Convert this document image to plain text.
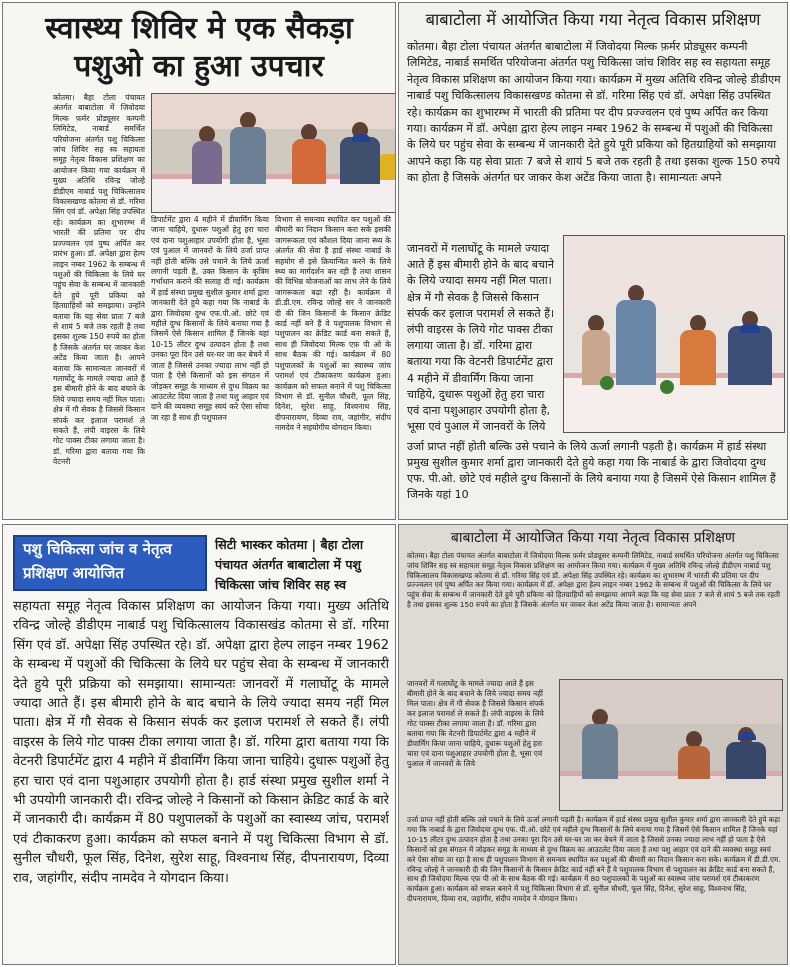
स्वास्थ्य शिविर मे एक सैकड़ा
पशुओ का हुआ उपचार
कोतमा। बैहा टोला पंचायत अंतर्गत बाबाटोला में जिवोदया मिल्क फ़र्मर प्रोड्यूसर कम्पनी लिमिटेड, नाबार्ड समर्थित परियोजना अंतर्गत पशु चिकित्सा जांच शिविर सह स्व सहायता समूह नेतृत्व विकास प्रशिक्षण का आयोजन किया गया कार्यक्रम में मुख्य अतिथि रविन्द्र जोल्हे डीडीएम नाबार्ड पशु चिकित्सालय विकासखण्ड कोतमा से डॉ. गरिमा सिंग एवं डॉ. अपेक्षा सिंह उपस्थित रहे। कार्यक्रम का शुभारम्भ में भारती की प्रतिमा पर दीप प्रज्ज्वलन एवं पुष्प अर्पित कर प्रारंभ हुआ। डॉ. अपेक्षा द्वारा हेल्प लाइन नम्बर 1962 के सम्बन्ध में पशुओं की चिकित्सा के लिये घर पहुंच सेवा के सम्बन्ध में जानकारी देते हुये पूरी प्रकिया को हितग्राहियों को समझाया। उन्होंने बताया कि यह सेवा प्रातः 7 बजे से शायं 5 बजे तक रहती है तथा इसका शुल्क 150 रुपये का होता है जिसके अंतर्गत घर जाकर केश अटेंड किया जाता है। आपने बताया कि सामान्यतः जानवरों में गलाघोंटू के मामले ज्यादा आते हैं इस बीमारी होने के बाद बचाने के लिये ज्यादा समय नहीं मिल पाता। क्षेत्र में गौ सेवक है जिससे किसान संपर्क कर इलाज परामर्श ले सकते हैं, लंपी वाइरस के लिये गोट पाक्स टीका लगाया जाता है। डॉ. गरिमा द्वारा बताया गया कि वेटनरी
डिपार्टमेंट द्वारा 4 महीने में डीवार्मिंग किया जाना चाहिये, दुधारू पशुओं हेतु हरा चारा एवं दाना पशुआहार उपयोगी होता है, भूसा एवं पुआल में जानवरों के लिये उर्जा प्राप्त नहीं होती बल्कि उसे पचाने के लिये ऊर्जा लगानी पड़ती है, उक्त किसान के कृत्रिम गर्भाधान कराने की सलाह दी गई। कार्यक्रम में हार्ड संस्था प्रमुख सुशील कुमार शर्मा द्वारा जानकारी देते हुये कहा गया कि नाबार्ड के द्वारा जिवोदया दुग्ध एफ.पी.ओ. छोटे एवं महीले दुग्ध किसानों के लिये बनाया गया है जिसमें ऐसे किसान शामिल हैं जिनके यहां 10-15 लीटर दुग्ध उत्पादन होता है तथा उनका पूरा दिन उसे घर-घर जा कर बेचने में जाता है जिससे उनका ज्यादा लाभ नहीं हो पाता है ऐसे किसानों को इस संगठन में जोड़कर समूह के माध्यम से दुग्ध विक्रय का आउटलेट दिया जाता है तथा पशु आहार एवं दाने की व्यवस्था समूह स्वयं करे ऐसा सोचा जा रहा है साथ ही पशुपालन
विभाग से समन्वय स्थापित कर पशुओं की बीमारी का निदान किसान करा सके इसकी जागरूकता एवं कौशल दिया जाना स्थ्य के अंतर्गत की सेवा है हार्ड संस्था नाबार्ड के सहयोग से इसे क्रियान्वित करने के लिये स्थ्य का मार्गदर्शन कर रही है तथा शासन की विभिन्न योजनाओं का लाभ लेने के लिये जागरूकता बढ़ा रही है। कार्यक्रम में डी.डी.एम. रविन्द्र जोल्हे सर ने जानकारी दी की जिन किसानों के किसान क्रेडिट कार्ड नहीं बने हैं वे पशुपालक विभाग से पशुपालन का क्रेडिट कार्ड बना सकते हैं, साथ ही जिवोदया मिल्क एफ़ पी ओ के साथ बैठक की गई। कार्यक्रम में 80 पशुपालकों के पशुओं का स्वास्थ्य जांच परामर्श एवं टीकाकरण कार्यक्रम हुआ। कार्यक्रम को सफल बनाने में पशु चिकित्सा विभाग से डॉ. सुनील चौधरी, फूल सिंह, दिनेश, सुरेश साहू, विश्वनाथ सिंह, दीपनारायण, दिव्या राव, जहांगीर, संदीप नामदेव ने सहयोगीय योगदान किया।
बाबाटोला में आयोजित किया गया नेतृत्व विकास प्रशिक्षण
कोतमा। बैहा टोला पंचायत अंतर्गत बाबाटोला में जिवोदया मिल्क फ़र्मर प्रोड्यूसर कम्पनी लिमिटेड, नाबार्ड समर्थित परियोजना अंतर्गत पशु चिकित्सा जांच शिविर सह स्व सहायता समूह नेतृत्व विकास प्रशिक्षण का आयोजन किया गया। कार्यक्रम में मुख्य अतिथि रविन्द्र जोल्हे डीडीएम नाबार्ड पशु चिकित्सालय विकासखण्ड कोतमा से डॉ. गरिमा सिंह एवं डॉ. अपेक्षा सिंह उपस्थित रहे। कार्यक्रम का शुभारम्भ में भारती की प्रतिमा पर दीप प्रज्ज्वलन एवं पुष्प अर्पित कर किया गया। कार्यक्रम में डॉ. अपेक्षा द्वारा हेल्प लाइन नम्बर 1962 के सम्बन्ध में पशुओं की चिकित्सा के लिये घर पहुंच सेवा के सम्बन्ध में जानकारी देते हुये पूरी प्रकिया को हितग्राहियों को समझाया आपने कहा कि यह सेवा प्रातः 7 बजे से शायं 5 बजे तक रहती है तथा इसका शुल्क 150 रुपये का होता है जिसके अंतर्गत घर जाकर केश अटेंड किया जाता है। सामान्यतः अपने
जानवरों में गलाघोंटू के मामले ज्यादा आते हैं इस बीमारी होने के बाद बचाने के लिये ज्यादा समय नहीं मिल पाता। क्षेत्र में गौ सेवक है जिससे किसान संपर्क कर इलाज परामर्श ले सकते हैं। लंपी वाइरस के लिये गोट पाक्स टीका लगाया जाता है। डॉ. गरिमा द्वारा बताया गया कि वेटनरी डिपार्टमेंट द्वारा 4 महीने में डीवार्मिंग किया जाना चाहिये, दुधारू पशुओं हेतु हरा चारा एवं दाना पशुआहार उपयोगी होता है, भूसा एवं पुआल में जानवरों के लिये
उर्जा प्राप्त नहीं होती बल्कि उसे पचाने के लिये ऊर्जा लगानी पड़ती है। कार्यक्रम में हार्ड संस्था प्रमुख सुशील कुमार शर्मा द्वारा जानकारी देते हुये कहा गया कि नाबार्ड के द्वारा जिवोदया दुग्ध एफ. पी.ओ. छोटे एवं महीले दुग्ध किसानों के लिये बनाया गया है जिसमें ऐसे किसान शामिल हैं जिनके यहां 10
पशु चिकित्सा जांच व नेतृत्व
प्रशिक्षण आयोजित
सिटी भास्कर कोतमा | बैहा टोला पंचायत अंतर्गत बाबाटोला में पशु चिकित्सा जांच शिविर सह स्व
सहायता समूह नेतृत्व विकास प्रशिक्षण का आयोजन किया गया। मुख्य अतिथि रविन्द्र जोल्हे डीडीएम नाबार्ड पशु चिकित्सालय विकासखंड कोतमा से डॉ. गरिमा सिंग एवं डॉ. अपेक्षा सिंह उपस्थित रहे। डॉ. अपेक्षा द्वारा हेल्प लाइन नम्बर 1962 के सम्बन्ध में पशुओं की चिकित्सा के लिये घर पहुंच सेवा के सम्बन्ध में जानकारी देते हुये पूरी प्रक्रिया को समझाया। सामान्यतः जानवरों में गलाघोंटू के मामले ज्यादा आते हैं। इस बीमारी होने के बाद बचाने के लिये ज्यादा समय नहीं मिल पाता। क्षेत्र में गौ सेवक से किसान संपर्क कर इलाज परामर्श ले सकते हैं। लंपी वाइरस के लिये गोट पाक्स टीका लगाया जाता है। डॉ. गरिमा द्वारा बताया गया कि वेटनरी डिपार्टमेंट द्वारा 4 महीने में डीवार्मिंग किया जाना चाहिये। दुधारू पशुओं हेतु हरा चारा एवं दाना पशुआहार उपयोगी होता है। हार्ड संस्था प्रमुख सुशील शर्मा ने भी उपयोगी जानकारी दी। रविन्द्र जोल्हे ने किसानों को किसान क्रेडिट कार्ड के बारे में जानकारी दी। कार्यक्रम में 80 पशुपालकों के पशुओं का स्वास्थ्य जांच, परामर्श एवं टीकाकरण हुआ। कार्यक्रम को सफल बनाने में पशु चिकित्सा विभाग से डॉ. सुनील चौधरी, फूल सिंह, दिनेश, सुरेश साहू, विश्वनाथ सिंह, दीपनारायण, दिव्या राव, जहांगीर, संदीप नामदेव ने योगदान किया।
बाबाटोला में आयोजित किया गया नेतृत्व विकास प्रशिक्षण
कोतमा। बैहा टोला पंचायत अंतर्गत बाबाटोला में जिवोदया मिल्क फ़र्मर प्रोड्यूसर कम्पनी लिमिटेड, नाबार्ड समर्थित परियोजना अंतर्गत पशु चिकित्सा जांच शिविर सह स्व सहायता समूह नेतृत्व विकास प्रशिक्षण का आयोजन किया गया। कार्यक्रम में मुख्य अतिथि रविन्द्र जोल्हे डीडीएम नाबार्ड पशु चिकित्सालय विकासखण्ड कोतमा से डॉ. गरिमा सिंह एवं डॉ. अपेक्षा सिंह उपस्थित रहे। कार्यक्रम का शुभारम्भ में भारती की प्रतिमा पर दीप प्रज्ज्वलन एवं पुष्प अर्पित कर किया गया। कार्यक्रम में डॉ. अपेक्षा द्वारा हेल्प लाइन नम्बर 1962 के सम्बन्ध में पशुओं की चिकित्सा के लिये घर पहुंच सेवा के सम्बन्ध में जानकारी देते हुये पूरी प्रकिया को हितग्राहियों को समझाया आपने कहा कि यह सेवा प्रातः 7 बजे से शायं 5 बजे तक रहती है तथा इसका शुल्क 150 रुपये का होता है जिसके अंतर्गत घर जाकर केश अटेंड किया जाता है। सामान्यतः अपने
जानवरों में गलाघोंटू के मामले ज्यादा आते हैं इस बीमारी होने के बाद बचाने के लिये ज्यादा समय नहीं मिल पाता। क्षेत्र में गौ सेवक है जिससे किसान संपर्क कर इलाज परामर्श ले सकते हैं। लंपी वाइरस के लिये गोट पाक्स टीका लगाया जाता है। डॉ. गरिमा द्वारा बताया गया कि वेटनरी डिपार्टमेंट द्वारा 4 महीने में डीवार्मिंग किया जाना चाहिये, दुधारू पशुओं हेतु हरा चारा एवं दाना पशुआहार उपयोगी होता है, भूसा एवं पुआल में जानवरों के लिये
उर्जा प्राप्त नहीं होती बल्कि उसे पचाने के लिये ऊर्जा लगानी पड़ती है। कार्यक्रम में हार्ड संस्था प्रमुख सुशील कुमार शर्मा द्वारा जानकारी देते हुये कहा गया कि नाबार्ड के द्वारा जिवोदया दुग्ध एफ. पी.ओ. छोटे एवं महीले दुग्ध किसानों के लिये बनाया गया है जिसमें ऐसे किसान शामिल हैं जिनके यहां 10-15 लीटर दुग्ध उत्पादन होता है तथा उनका पूरा दिन उसे घर-घर जा कर बेचने में जाता है जिससे उनका ज्यादा लाभ नहीं हो पाता है ऐसे किसानों को इस संगठन में जोड़कर समूह के माध्यम से दुग्ध विक्रय का आउटलेट दिया जाता है तथा पशु आहार एवं दाने की व्यवस्था समूह स्वयं करे ऐसा सोचा जा रहा है साथ ही पशुपालन विभाग से समन्वय स्थापित कर पशुओं की बीमारी का निदान किसान करा सके। कार्यक्रम में डी.डी.एम. रविन्द्र जोल्हे ने जानकारी दी की जिन किसानों के किसान क्रेडिट कार्ड नहीं बने हैं वे पशुपालक विभाग से पशुपालन का क्रेडिट कार्ड बना सकते हैं, साथ ही जिवोदया मिल्क एफ़ पी ओ के साथ बैठक की गई। कार्यक्रम में 80 पशुपालकों के पशुओं का स्वास्थ्य जांच परामर्श एवं टीकाकरण कार्यक्रम हुआ। कार्यक्रम को सफल बनाने में पशु चिकित्सा विभाग से डॉ. सुनील चौधरी, फूल सिंह, दिनेश, सुरेश साहू, विश्वनाथ सिंह, दीपनारायण, दिव्या राव, जहांगीर, संदीप नामदेव ने योगदान किया।
